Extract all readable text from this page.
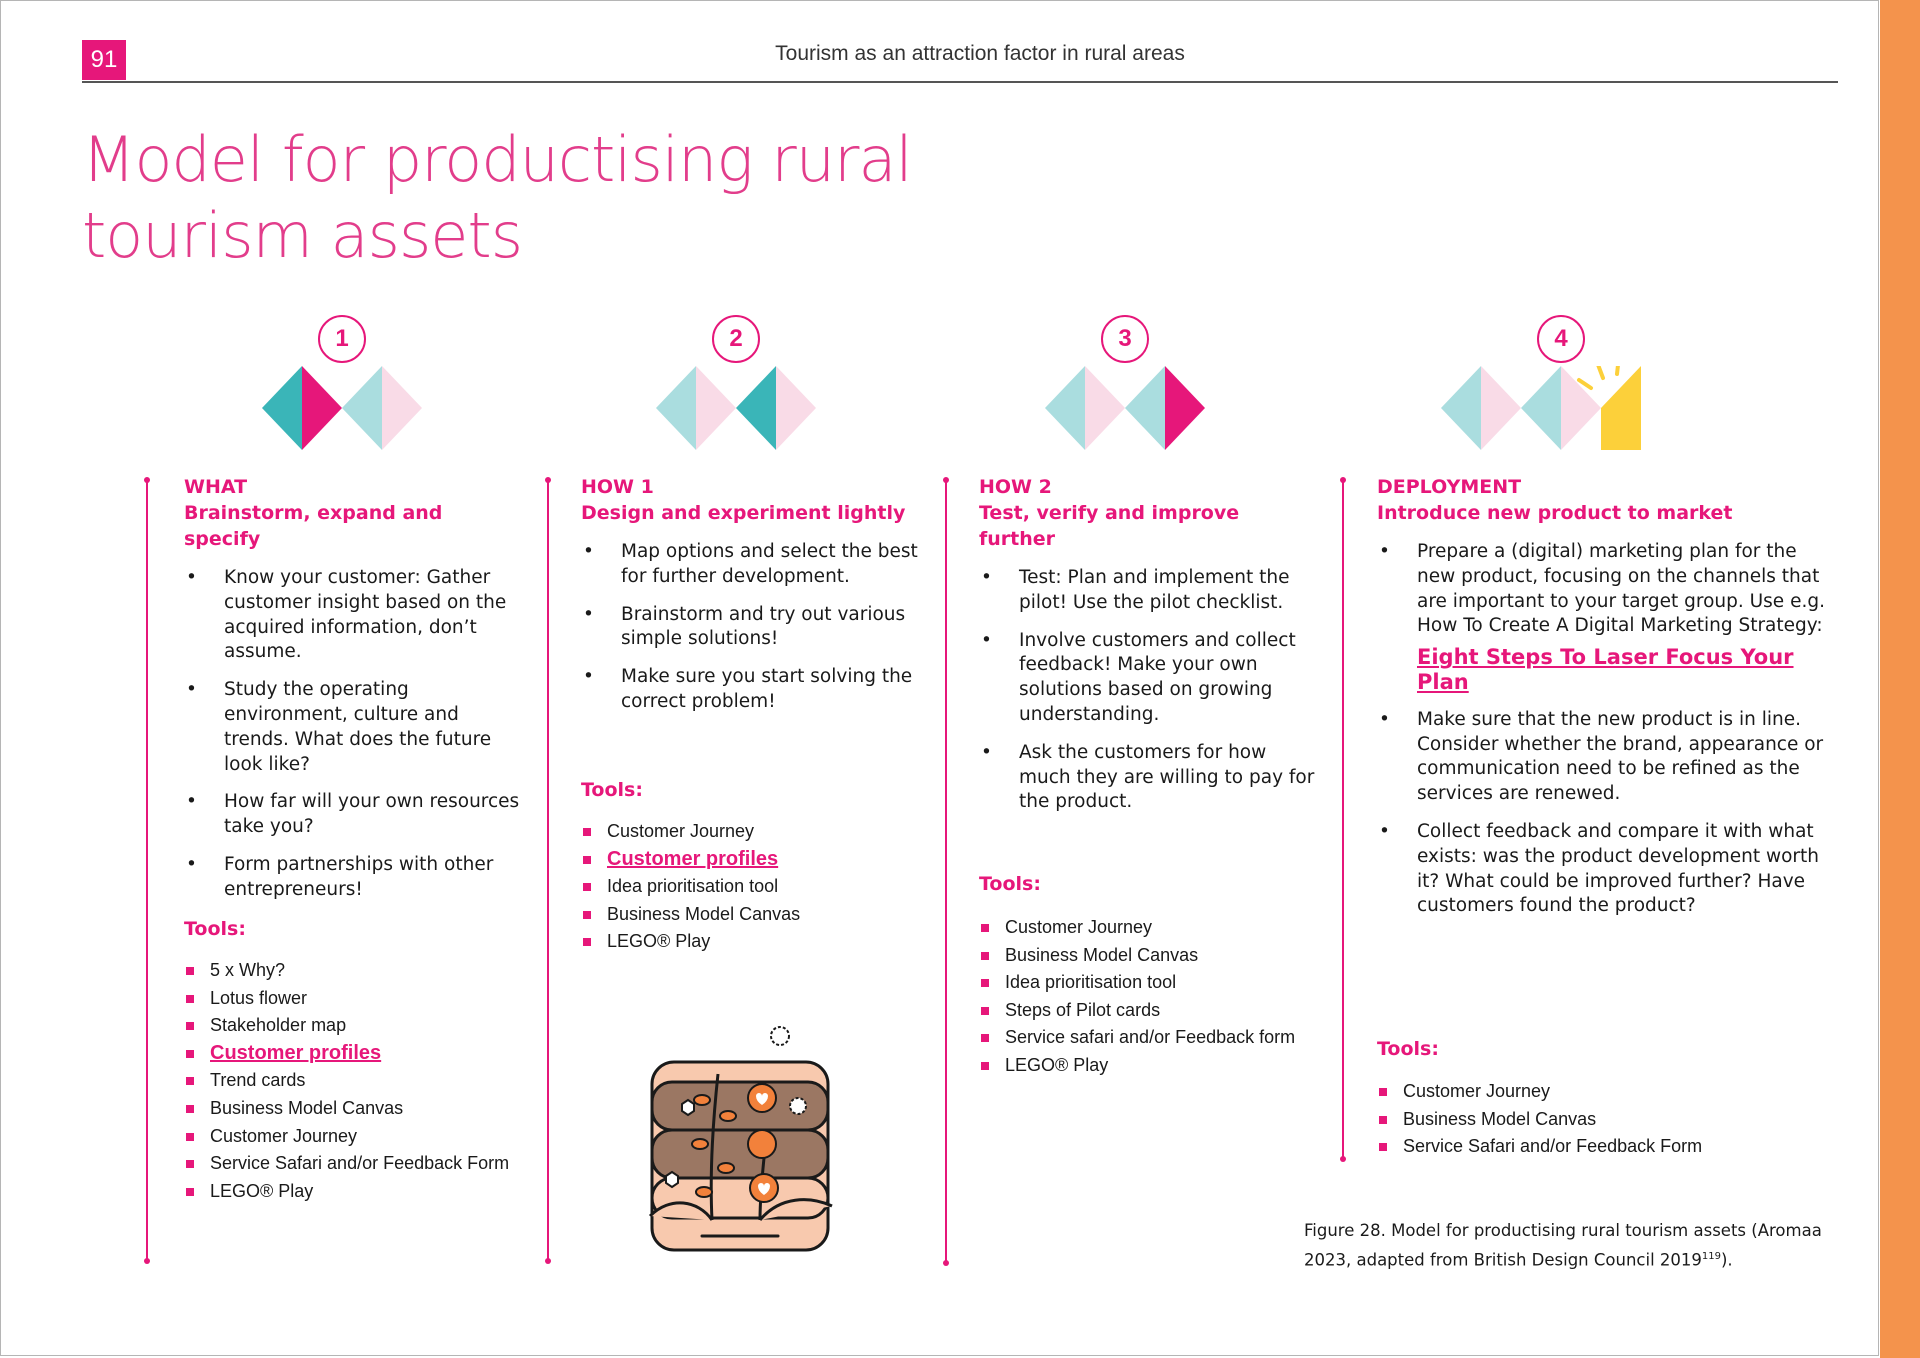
91	Tourism as an attraction factor in rural areas
Model for productising rural
tourism assets
1	2	3	4

WHAT

Brainstorm, expand and specify

• Know your customer: Gather customer insight based on the acquired information, don’t assume.
• Study the operating environment, culture and trends. What does the future look like?
• How far will your own resources take you?
• Form partnerships with other entrepreneurs!

Tools:

5 x Why?
Lotus flower
Stakeholder map
Customer profiles
Trend cards
Business Model Canvas
Customer Journey
Service Safari and/or Feedback Form
LEGO® Play

HOW 1

Design and experiment lightly

• Map options and select the best for further development.
• Brainstorm and try out various simple solutions!
• Make sure you start solving the correct problem!

Tools:

Customer Journey
Customer profiles
Idea prioritisation tool
Business Model Canvas
LEGO® Play

HOW 2

Test, verify and improve further

• Test: Plan and implement the pilot! Use the pilot checklist.
• Involve customers and collect feedback! Make your own solutions based on growing understanding.
• Ask the customers for how much they are willing to pay for the product.

Tools:

Customer Journey
Business Model Canvas
Idea prioritisation tool
Steps of Pilot cards
Service safari and/or Feedback form
LEGO® Play

DEPLOYMENT

Introduce new product to market

• Prepare a (digital) marketing plan for the new product, focusing on the channels that are important to your target group. Use e.g. How To Create A Digital Marketing Strategy:
Eight Steps To Laser Focus Your Plan
• Make sure that the new product is in line. Consider whether the brand, appearance or communication need to be refined as the services are renewed.
• Collect feedback and compare it with what exists: was the product development worth it? What could be improved further? Have customers found the product?

Tools:

Customer Journey
Business Model Canvas
Service Safari and/or Feedback Form
Figure 28. Model for productising rural tourism assets (Aromaa 2023, adapted from British Design Council 2019$^{119}$).
